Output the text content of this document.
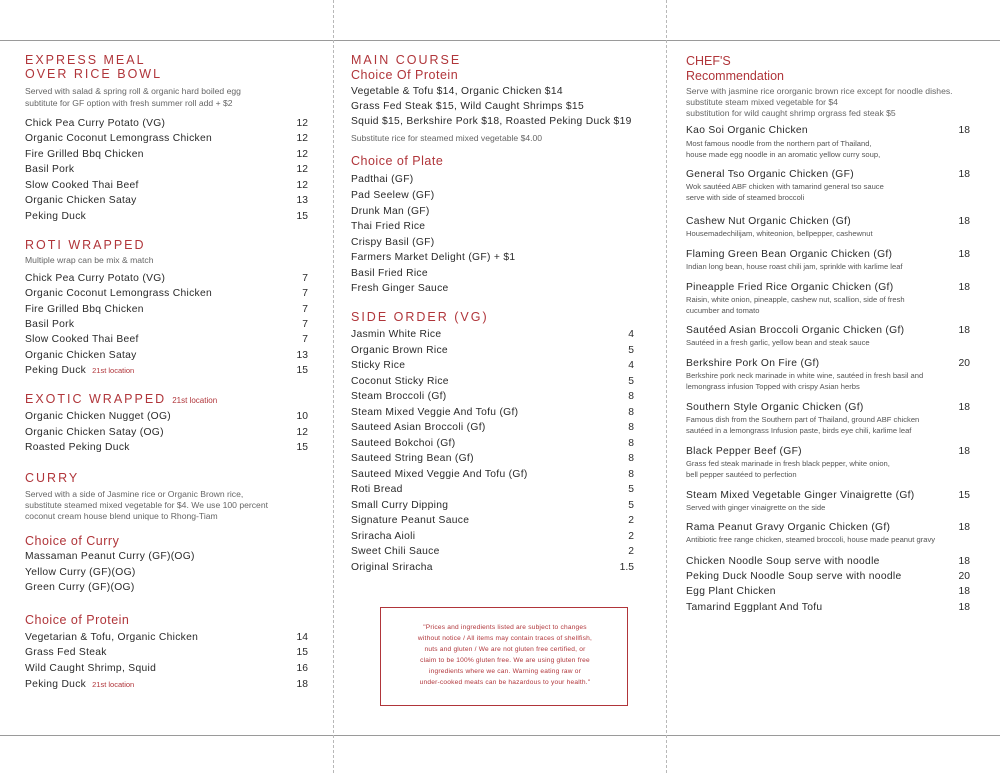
EXPRESS MEAL
OVER RICE BOWL
Served with salad & spring roll & organic hard boiled egg
subtitute for GF option with fresh summer roll add + $2
Chick Pea Curry Potato (VG)	12
Organic Coconut Lemongrass Chicken	12
Fire Grilled Bbq Chicken	12
Basil Pork	12
Slow Cooked Thai Beef	12
Organic Chicken Satay	13
Peking Duck	15
ROTI WRAPPED
Multiple wrap can be mix & match
Chick Pea Curry Potato (VG)	7
Organic Coconut Lemongrass Chicken	7
Fire Grilled Bbq Chicken	7
Basil Pork	7
Slow Cooked Thai Beef	7
Organic Chicken Satay	13
Peking Duck 21st location	15
EXOTIC WRAPPED 21st location
Organic Chicken Nugget (OG)	10
Organic Chicken Satay (OG)	12
Roasted Peking Duck	15
CURRY
Served with a side of Jasmine rice or Organic Brown rice,
substitute steamed mixed vegetable for $4. We use 100 percent
coconut cream house blend unique to Rhong-Tiam
Choice of Curry
Massaman Peanut Curry (GF)(OG)
Yellow Curry (GF)(OG)
Green Curry (GF)(OG)
Choice of Protein
Vegetarian & Tofu, Organic Chicken	14
Grass Fed Steak	15
Wild Caught Shrimp, Squid	16
Peking Duck 21st location	18
MAIN COURSE
Choice Of Protein
Vegetable & Tofu $14, Organic Chicken $14
Grass Fed Steak $15, Wild Caught Shrimps $15
Squid $15, Berkshire Pork $18, Roasted Peking Duck $19
Substitute rice for steamed mixed vegetable $4.00
Choice of Plate
Padthai (GF)
Pad Seelew (GF)
Drunk Man (GF)
Thai Fried Rice
Crispy Basil (GF)
Farmers Market Delight (GF) + $1
Basil Fried Rice
Fresh Ginger Sauce
SIDE ORDER (VG)
Jasmin White Rice	4
Organic Brown Rice	5
Sticky Rice	4
Coconut Sticky Rice	5
Steam Broccoli (Gf)	8
Steam Mixed Veggie And Tofu (Gf)	8
Sauteed Asian Broccoli (Gf)	8
Sauteed Bokchoi (Gf)	8
Sauteed String Bean (Gf)	8
Sauteed Mixed Veggie And Tofu (Gf)	8
Roti Bread	5
Small Curry Dipping	5
Signature Peanut Sauce	2
Sriracha Aioli	2
Sweet Chili Sauce	2
Original Sriracha	1.5
"Prices and ingredients listed are subject to changes
without notice / All items may contain traces of shellfish,
nuts and gluten / We are not gluten free certified, or
claim to be 100% gluten free. We are using gluten free
ingredients where we can. Warning eating raw or
under-cooked meats can be hazardous to your health."
CHEF'S
Recommendation
Serve with jasmine rice ororganic brown rice except for noodle dishes.
substitute steam mixed vegetable for $4
substitution for wild caught shrimp orgrass fed steak $5
Kao Soi Organic Chicken	18
Most famous noodle from the northern part of Thailand,
house made egg noodle in an aromatic yellow curry soup,
General Tso Organic Chicken (GF)	18
Wok sautéed ABF chicken with tamarind general tso sauce
serve with side of steamed broccoli
Cashew Nut Organic Chicken (Gf)	18
Housemadechilijam, whiteonion, bellpepper, cashewnut
Flaming Green Bean Organic Chicken (Gf)	18
Indian long bean, house roast chili jam, sprinkle with karlime leaf
Pineapple Fried Rice Organic Chicken (Gf)	18
Raisin, white onion, pineapple, cashew nut, scallion, side of fresh
cucumber and tomato
Sautéed Asian Broccoli Organic Chicken (Gf)	18
Sautéed in a fresh garlic, yellow bean and steak sauce
Berkshire Pork On Fire (Gf)	20
Berkshire pork neck marinade in white wine, sautéed in fresh basil and
lemongrass infusion Topped with crispy Asian herbs
Southern Style Organic Chicken (Gf)	18
Famous dish from the Southern part of Thailand, ground ABF chicken
sautéed in a lemongrass Infusion paste, birds eye chili, karlime leaf
Black Pepper Beef (GF)	18
Grass fed steak marinade in fresh black pepper, white onion,
bell pepper sautéed to perfection
Steam Mixed Vegetable Ginger Vinaigrette (Gf)	15
Served with ginger vinaigrette on the side
Rama Peanut Gravy Organic Chicken (Gf)	18
Antibiotic free range chicken, steamed broccoli, house made peanut gravy
Chicken Noodle Soup serve with noodle	18
Peking Duck Noodle Soup serve with noodle	20
Egg Plant Chicken	18
Tamarind Eggplant And Tofu	18
